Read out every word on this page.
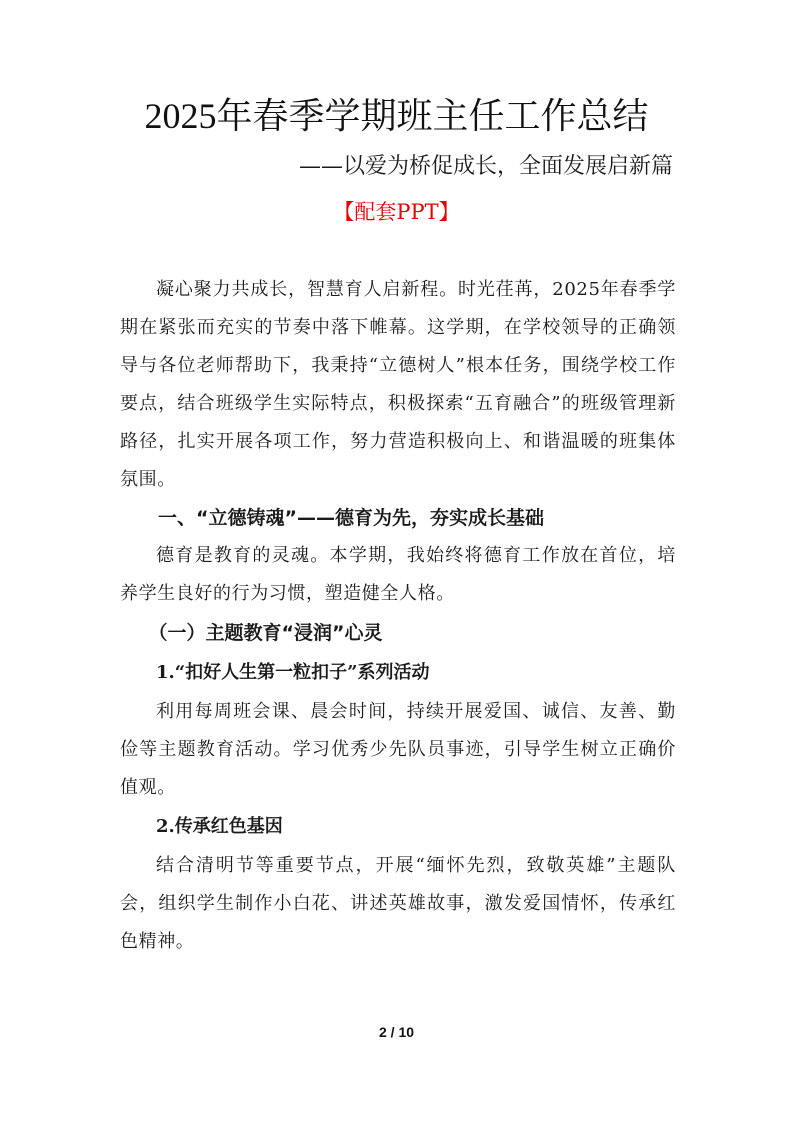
2025年春季学期班主任工作总结
——以爱为桥促成长，全面发展启新篇
【配套PPT】

凝心聚力共成长，智慧育人启新程。时光荏苒，2025年春季学期在紧张而充实的节奏中落下帷幕。这学期，在学校领导的正确领导与各位老师帮助下，我秉持“立德树人”根本任务，围绕学校工作要点，结合班级学生实际特点，积极探索“五育融合”的班级管理新路径，扎实开展各项工作，努力营造积极向上、和谐温暖的班集体氛围。

一、“立德铸魂”——德育为先，夯实成长基础

德育是教育的灵魂。本学期，我始终将德育工作放在首位，培养学生良好的行为习惯，塑造健全人格。

（一）主题教育“浸润”心灵

1.“扣好人生第一粒扣子”系列活动

利用每周班会课、晨会时间，持续开展爱国、诚信、友善、勤俭等主题教育活动。学习优秀少先队员事迹，引导学生树立正确价值观。

2.传承红色基因

结合清明节等重要节点，开展“缅怀先烈，致敬英雄”主题队会，组织学生制作小白花、讲述英雄故事，激发爱国情怀，传承红色精神。

2 / 10
